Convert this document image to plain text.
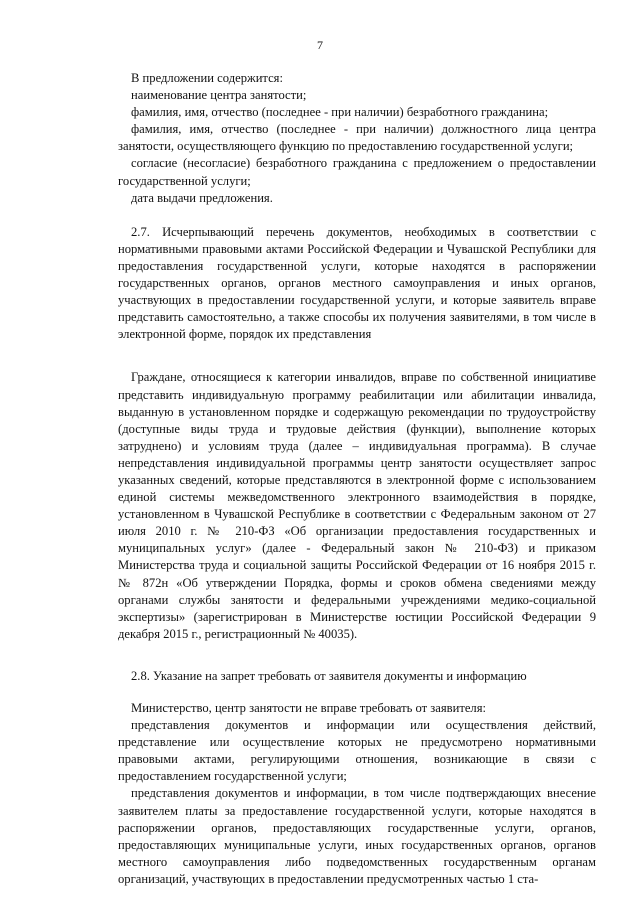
7

В предложении содержится:

наименование центра занятости;

фамилия, имя, отчество (последнее - при наличии) безработного гражданина;

фамилия, имя, отчество (последнее - при наличии) должностного лица центра занятости, осуществляющего функцию по предоставлению государственной услуги;

согласие (несогласие) безработного гражданина с предложением о предоставлении государственной услуги;

дата выдачи предложения.

2.7. Исчерпывающий перечень документов, необходимых в соответствии с нормативными правовыми актами Российской Федерации и Чувашской Республики для предоставления государственной услуги, которые находятся в распоряжении государственных органов, органов местного самоуправления и иных органов, участвующих в предоставлении государственной услуги, и которые заявитель вправе представить самостоятельно, а также способы их получения заявителями, в том числе в электронной форме, порядок их представления

Граждане, относящиеся к категории инвалидов, вправе по собственной инициативе представить индивидуальную программу реабилитации или абилитации инвалида, выданную в установленном порядке и содержащую рекомендации по трудоустройству (доступные виды труда и трудовые действия (функции), выполнение которых затруднено) и условиям труда (далее – индивидуальная программа). В случае непредставления индивидуальной программы центр занятости осуществляет запрос указанных сведений, которые представляются в электронной форме с использованием единой системы межведомственного электронного взаимодействия в порядке, установленном в Чувашской Республике в соответствии с Федеральным законом от 27 июля 2010 г. № 210-ФЗ «Об организации предоставления государственных и муниципальных услуг» (далее - Федеральный закон № 210-ФЗ) и приказом Министерства труда и социальной защиты Российской Федерации от 16 ноября 2015 г. № 872н «Об утверждении Порядка, формы и сроков обмена сведениями между органами службы занятости и федеральными учреждениями медико-социальной экспертизы» (зарегистрирован в Министерстве юстиции Российской Федерации 9 декабря 2015 г., регистрационный № 40035).

2.8. Указание на запрет требовать от заявителя документы и информацию

Министерство, центр занятости не вправе требовать от заявителя:

представления документов и информации или осуществления действий, представление или осуществление которых не предусмотрено нормативными правовыми актами, регулирующими отношения, возникающие в связи с предоставлением государственной услуги;

представления документов и информации, в том числе подтверждающих внесение заявителем платы за предоставление государственной услуги, которые находятся в распоряжении органов, предоставляющих государственные услуги, органов, предоставляющих муниципальные услуги, иных государственных органов, органов местного самоуправления либо подведомственных государственным органам организаций, участвующих в предоставлении предусмотренных частью 1 ста-
